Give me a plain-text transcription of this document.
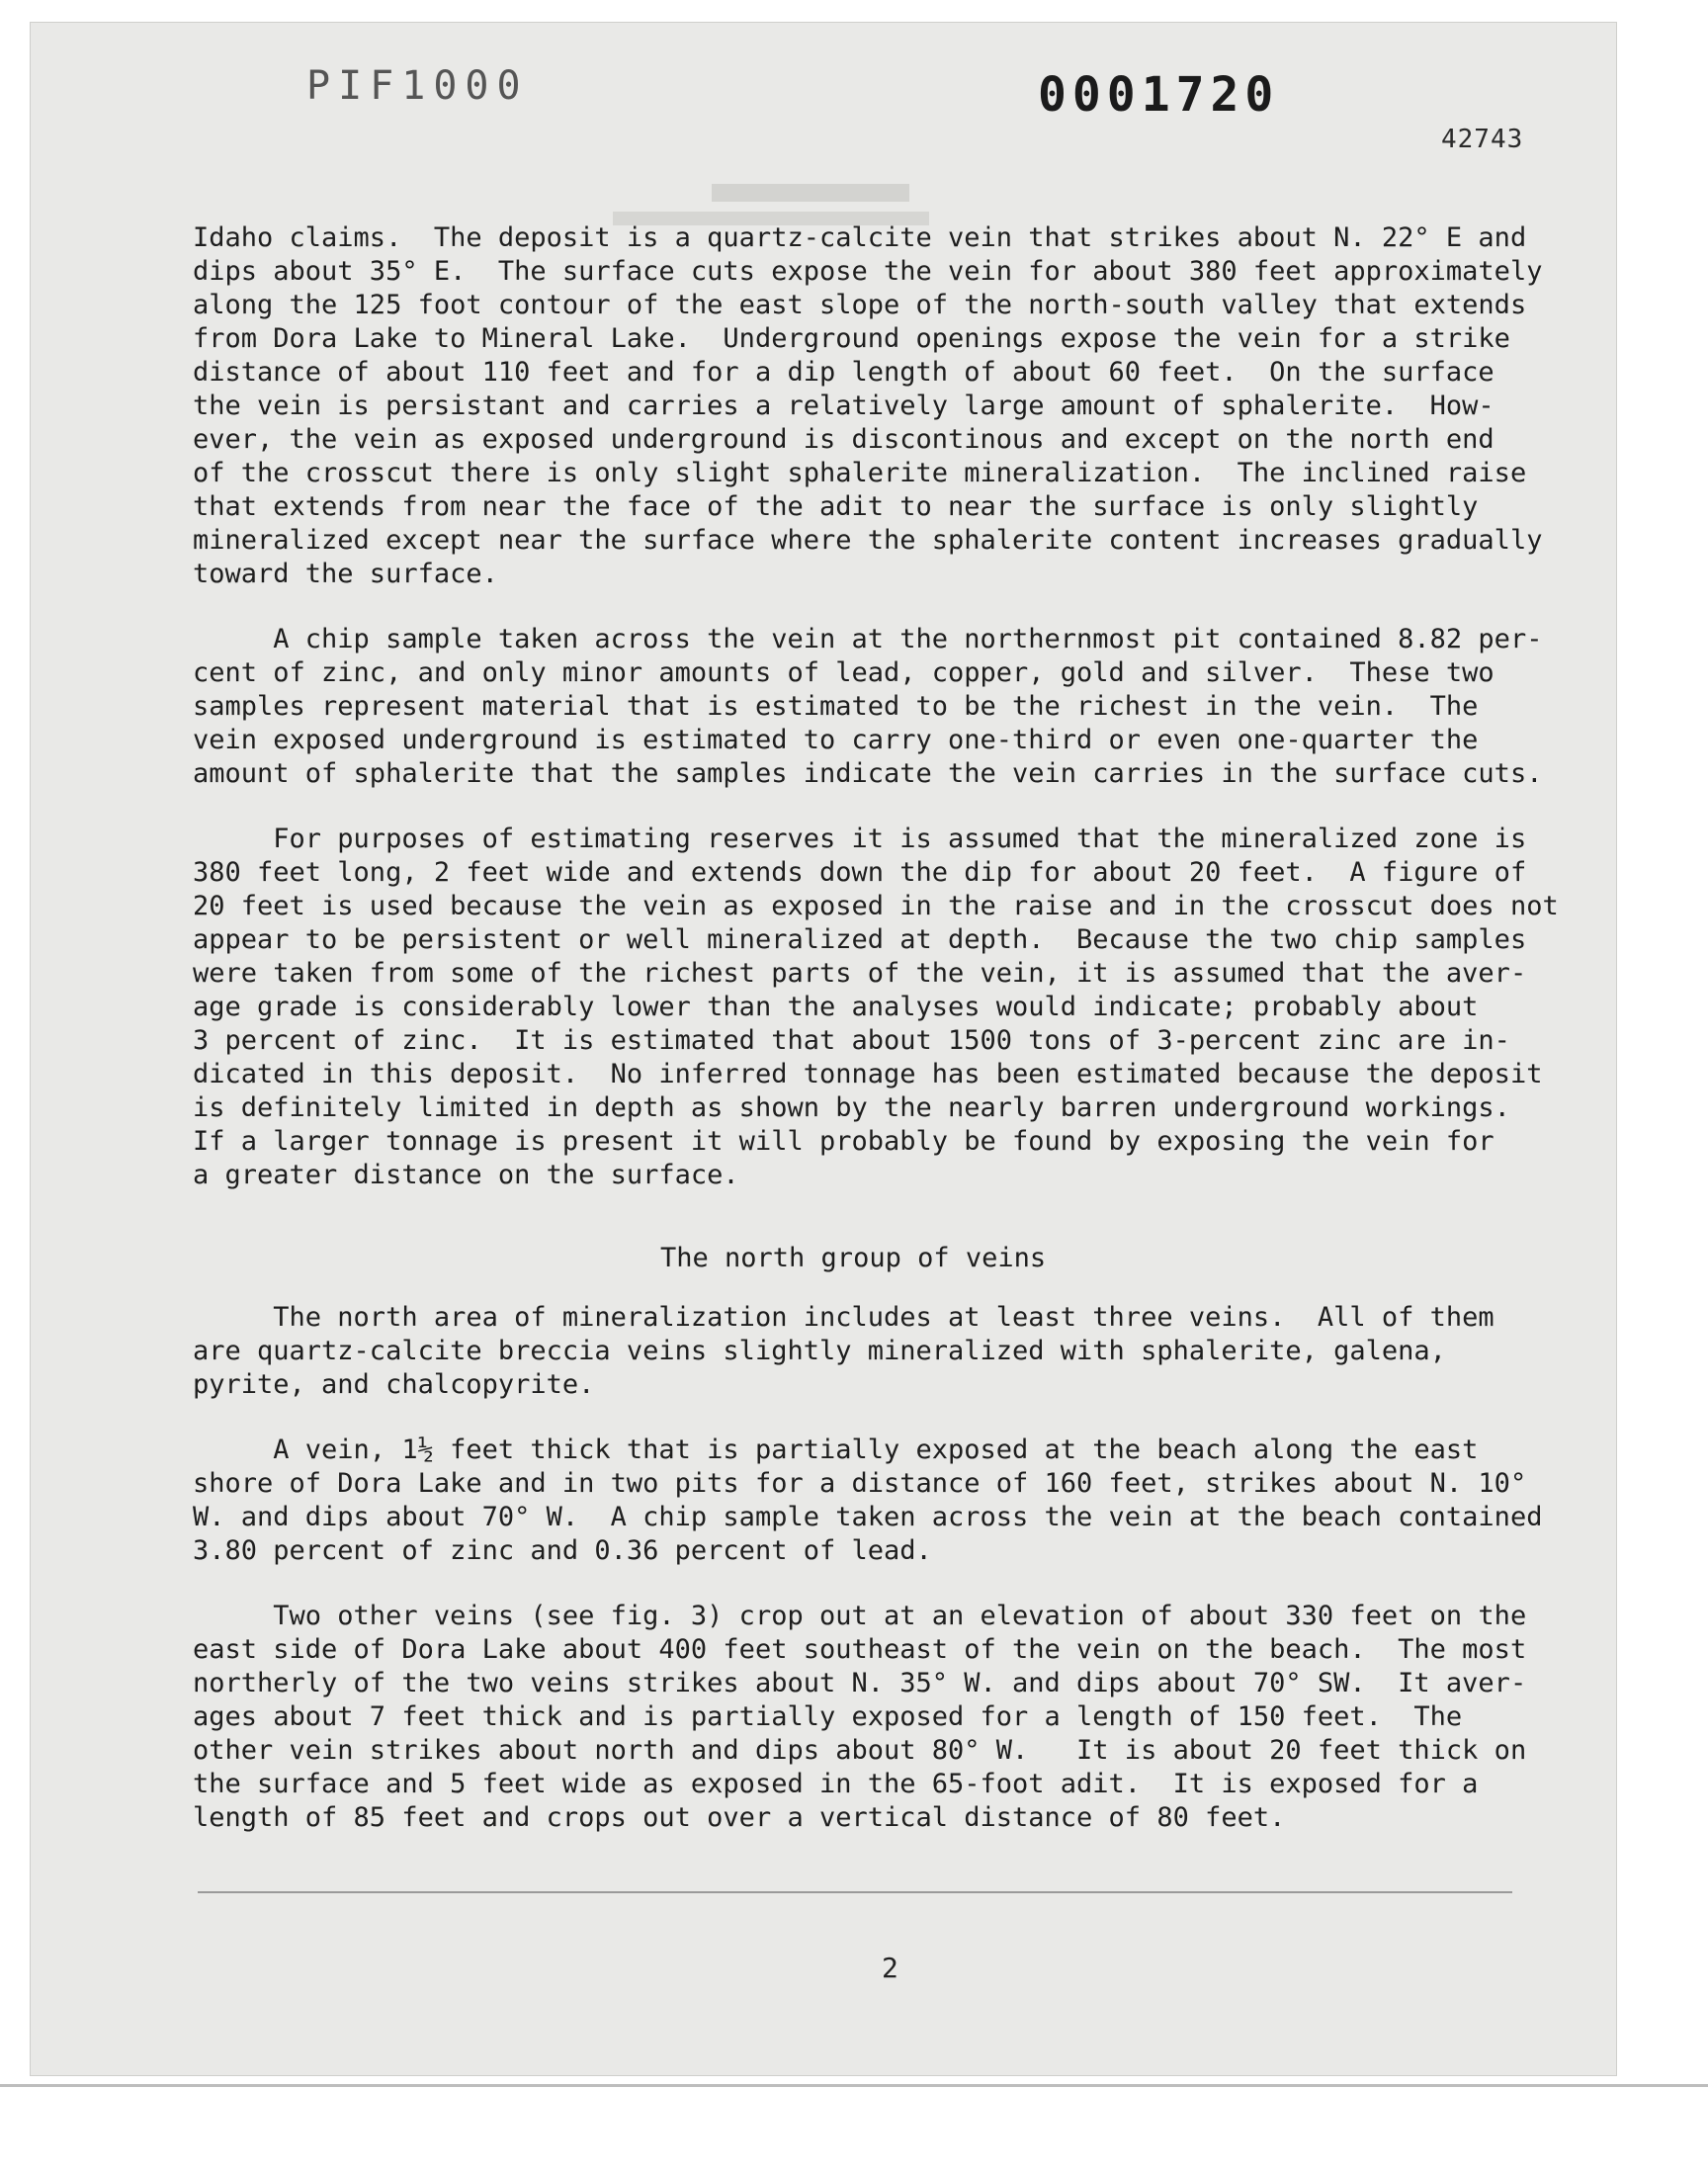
PIF1000	0001720
42743
Idaho claims.  The deposit is a quartz-calcite vein that strikes about N. 22° E and
dips about 35° E.  The surface cuts expose the vein for about 380 feet approximately
along the 125 foot contour of the east slope of the north-south valley that extends
from Dora Lake to Mineral Lake.  Underground openings expose the vein for a strike
distance of about 110 feet and for a dip length of about 60 feet.  On the surface
the vein is persistant and carries a relatively large amount of sphalerite.  How-
ever, the vein as exposed underground is discontinous and except on the north end
of the crosscut there is only slight sphalerite mineralization.  The inclined raise
that extends from near the face of the adit to near the surface is only slightly
mineralized except near the surface where the sphalerite content increases gradually
toward the surface.
A chip sample taken across the vein at the northernmost pit contained 8.82 per-
cent of zinc, and only minor amounts of lead, copper, gold and silver.  These two
samples represent material that is estimated to be the richest in the vein.  The
vein exposed underground is estimated to carry one-third or even one-quarter the
amount of sphalerite that the samples indicate the vein carries in the surface cuts.
For purposes of estimating reserves it is assumed that the mineralized zone is
380 feet long, 2 feet wide and extends down the dip for about 20 feet.  A figure of
20 feet is used because the vein as exposed in the raise and in the crosscut does not
appear to be persistent or well mineralized at depth.  Because the two chip samples
were taken from some of the richest parts of the vein, it is assumed that the aver-
age grade is considerably lower than the analyses would indicate; probably about
3 percent of zinc.  It is estimated that about 1500 tons of 3-percent zinc are in-
dicated in this deposit.  No inferred tonnage has been estimated because the deposit
is definitely limited in depth as shown by the nearly barren underground workings.
If a larger tonnage is present it will probably be found by exposing the vein for
a greater distance on the surface.
The north group of veins
The north area of mineralization includes at least three veins.  All of them
are quartz-calcite breccia veins slightly mineralized with sphalerite, galena,
pyrite, and chalcopyrite.
A vein, 1½ feet thick that is partially exposed at the beach along the east
shore of Dora Lake and in two pits for a distance of 160 feet, strikes about N. 10°
W. and dips about 70° W.  A chip sample taken across the vein at the beach contained
3.80 percent of zinc and 0.36 percent of lead.
Two other veins (see fig. 3) crop out at an elevation of about 330 feet on the
east side of Dora Lake about 400 feet southeast of the vein on the beach.  The most
northerly of the two veins strikes about N. 35° W. and dips about 70° SW.  It aver-
ages about 7 feet thick and is partially exposed for a length of 150 feet.  The
other vein strikes about north and dips about 80° W.   It is about 20 feet thick on
the surface and 5 feet wide as exposed in the 65-foot adit.  It is exposed for a
length of 85 feet and crops out over a vertical distance of 80 feet.
2
